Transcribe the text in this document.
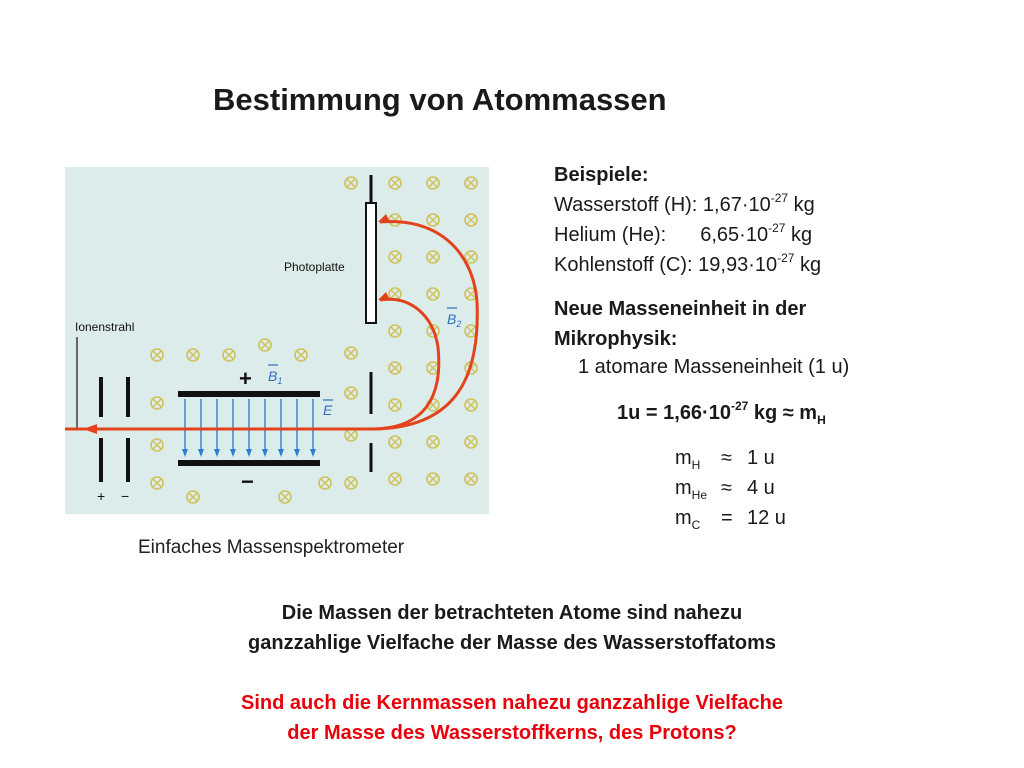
Bestimmung von Atommassen
Photoplatte
+ −
Ionenstrahl
+
−
$B_1$
E
$B_2$
Einfaches Massenspektrometer
Beispiele:
Wasserstoff (H): $1,67\cdot 10^{-27}$ kg
Helium (He): $6,65\cdot 10^{-27}$ kg
Kohlenstoff (C): $19,93\cdot 10^{-27}$ kg
Neue Masseneinheit in der
Mikrophysik:
1 atomare Masseneinheit (1 u)
$1u = 1,66\cdot 10^{-27}$ kg ≈ $m_H$
$m_H \approx 1$ u
$m_{He} \approx 4$ u
$m_C = 12$ u
Die Massen der betrachteten Atome sind nahezu
ganzzahlige Vielfache der Masse des Wasserstoffatoms
Sind auch die Kernmassen nahezu ganzzahlige Vielfache
der Masse des Wasserstoffkerns, des Protons?
